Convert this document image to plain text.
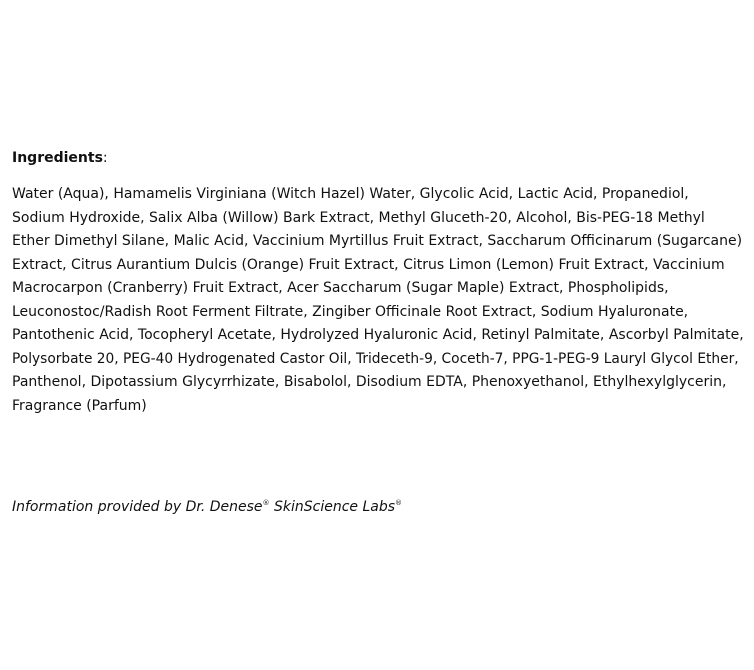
Ingredients:

Water (Aqua), Hamamelis Virginiana (Witch Hazel) Water, Glycolic Acid, Lactic Acid, Propanediol,
Sodium Hydroxide, Salix Alba (Willow) Bark Extract, Methyl Gluceth-20, Alcohol, Bis-PEG-18 Methyl
Ether Dimethyl Silane, Malic Acid, Vaccinium Myrtillus Fruit Extract, Saccharum Officinarum (Sugarcane)
Extract, Citrus Aurantium Dulcis (Orange) Fruit Extract, Citrus Limon (Lemon) Fruit Extract, Vaccinium
Macrocarpon (Cranberry) Fruit Extract, Acer Saccharum (Sugar Maple) Extract, Phospholipids,
Leuconostoc/Radish Root Ferment Filtrate, Zingiber Officinale Root Extract, Sodium Hyaluronate,
Pantothenic Acid, Tocopheryl Acetate, Hydrolyzed Hyaluronic Acid, Retinyl Palmitate, Ascorbyl Palmitate,
Polysorbate 20, PEG-40 Hydrogenated Castor Oil, Trideceth-9, Coceth-7, PPG-1-PEG-9 Lauryl Glycol Ether,
Panthenol, Dipotassium Glycyrrhizate, Bisabolol, Disodium EDTA, Phenoxyethanol, Ethylhexylglycerin,
Fragrance (Parfum)

Information provided by Dr. Denese® SkinScience Labs®
